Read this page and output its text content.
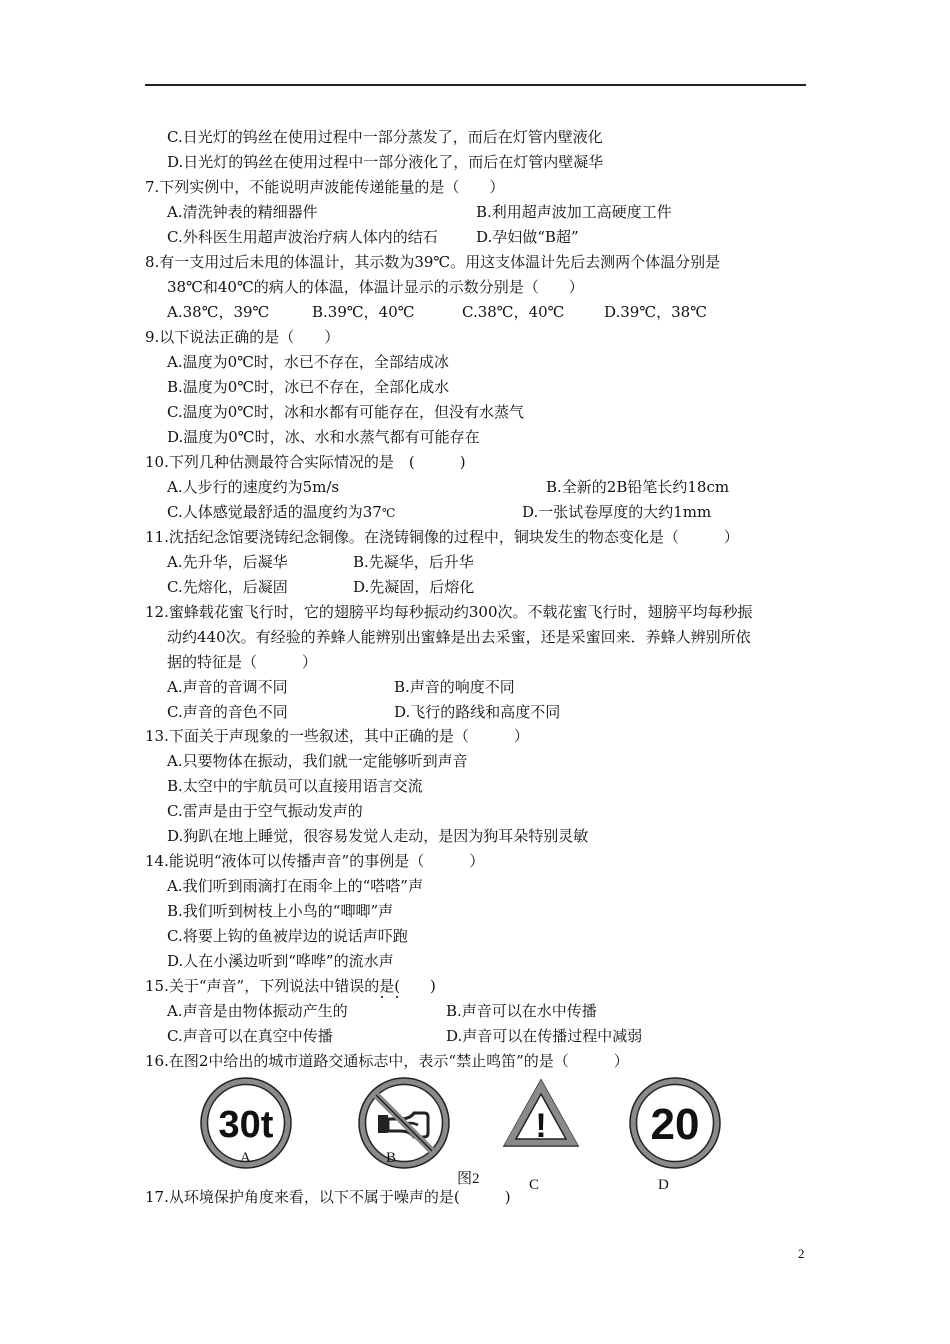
C.日光灯的钨丝在使用过程中一部分蒸发了，而后在灯管内壁液化
D.日光灯的钨丝在使用过程中一部分液化了，而后在灯管内壁凝华
7.下列实例中，不能说明声波能传递能量的是（　　）
A.清洗钟表的精细器件	B.利用超声波加工高硬度工件
C.外科医生用超声波治疗病人体内的结石	D.孕妇做“B超”
8.有一支用过后未甩的体温计，其示数为39℃。用这支体温计先后去测两个体温分别是
38℃和40℃的病人的体温，体温计显示的示数分别是（　　）
A.38℃，39℃	B.39℃，40℃	C.38℃，40℃	D.39℃，38℃
9.以下说法正确的是（　　）
A.温度为0℃时，水已不存在，全部结成冰
B.温度为0℃时，冰已不存在，全部化成水
C.温度为0℃时，冰和水都有可能存在，但没有水蒸气
D.温度为0℃时，冰、水和水蒸气都有可能存在
10.下列几种估测最符合实际情况的是　(　　　)
A.人步行的速度约为5m/s	B.全新的2B铅笔长约18cm
C.人体感觉最舒适的温度约为37℃	D.一张试卷厚度的大约1mm
11.沈括纪念馆要浇铸纪念铜像。在浇铸铜像的过程中，铜块发生的物态变化是（　　　）
A.先升华，后凝华	B.先凝华，后升华
C.先熔化，后凝固	D.先凝固，后熔化
12.蜜蜂载花蜜飞行时，它的翅膀平均每秒振动约300次。不载花蜜飞行时，翅膀平均每秒振
动约440次。有经验的养蜂人能辨别出蜜蜂是出去采蜜，还是采蜜回来．养蜂人辨别所依
据的特征是（　　　）
A.声音的音调不同	B.声音的响度不同
C.声音的音色不同	D.飞行的路线和高度不同
13.下面关于声现象的一些叙述，其中正确的是（　　　）
A.只要物体在振动，我们就一定能够听到声音
B.太空中的宇航员可以直接用语言交流
C.雷声是由于空气振动发声的
D.狗趴在地上睡觉，很容易发觉人走动，是因为狗耳朵特别灵敏
14.能说明“液体可以传播声音”的事例是（　　　）
A.我们听到雨滴打在雨伞上的“嗒嗒”声
B.我们听到树枝上小鸟的“唧唧”声
C.将要上钩的鱼被岸边的说话声吓跑
D.人在小溪边听到“哗哗”的流水声
15.关于“声音”，下列说法中错误的是(　　)
A.声音是由物体振动产生的	B.声音可以在水中传播
C.声音可以在真空中传播	D.声音可以在传播过程中减弱
16.在图2中给出的城市道路交通标志中，表示“禁止鸣笛”的是（　　　）
30t	! 20
A	B
图2	C	D
17.从环境保护角度来看，以下不属于噪声的是(　　　)
2
